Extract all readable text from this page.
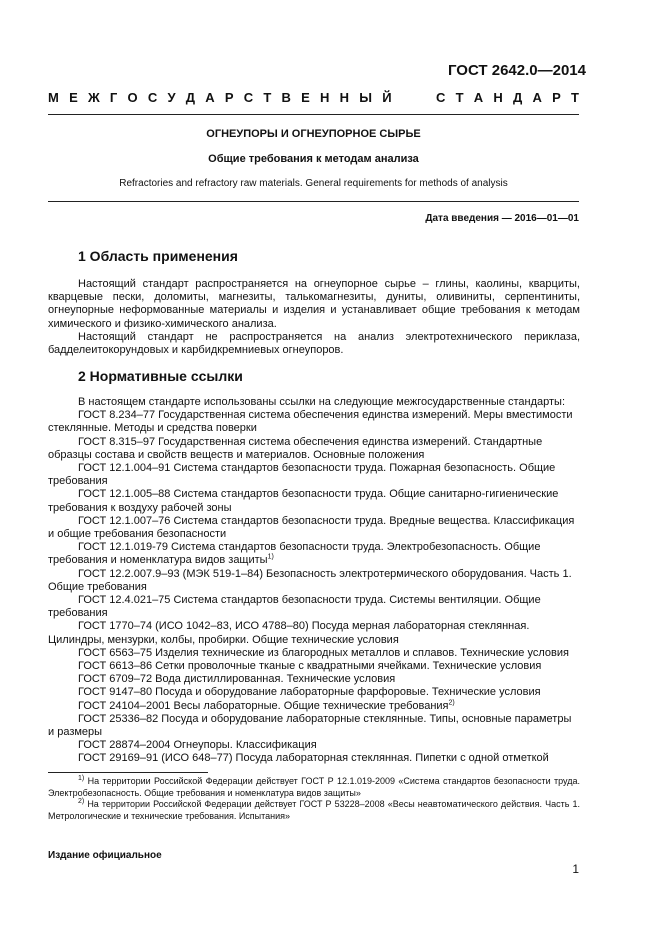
ГОСТ 2642.0—2014
М Е Ж Г О С У Д А Р С Т В Е Н Н Ы Й	С Т А Н Д А Р Т
ОГНЕУПОРЫ И ОГНЕУПОРНОЕ СЫРЬЕ
Общие требования к методам анализа
Refractories and refractory raw materials. General requirements for methods of analysis
Дата введения — 2016—01—01
1 Область применения

Настоящий стандарт распространяется на огнеупорное сырье – глины, каолины, кварциты, кварцевые пески, доломиты, магнезиты, талькомагнезиты, дуниты, оливиниты, серпентиниты, огнеупорные неформованные материалы и изделия и устанавливает общие требования к методам химического и физико-химического анализа.

Настоящий стандарт не распространяется на анализ электротехнического периклаза, бадделеитокорундовых и карбидкремниевых огнеупоров.

2 Нормативные ссылки

В настоящем стандарте использованы ссылки на следующие межгосударственные стандарты:

ГОСТ 8.234–77 Государственная система обеспечения единства измерений. Меры вместимости стеклянные. Методы и средства поверки

ГОСТ 8.315–97 Государственная система обеспечения единства измерений. Стандартные образцы состава и свойств веществ и материалов. Основные положения

ГОСТ 12.1.004–91 Система стандартов безопасности труда. Пожарная безопасность. Общие требования

ГОСТ 12.1.005–88 Система стандартов безопасности труда. Общие санитарно-гигиенические требования к воздуху рабочей зоны

ГОСТ 12.1.007–76 Система стандартов безопасности труда. Вредные вещества. Классификация и общие требования безопасности

ГОСТ 12.1.019-79 Система стандартов безопасности труда. Электробезопасность. Общие требования и номенклатура видов защиты$^{1)}$

ГОСТ 12.2.007.9–93 (МЭК 519-1–84) Безопасность электротермического оборудования. Часть 1. Общие требования

ГОСТ 12.4.021–75 Система стандартов безопасности труда. Системы вентиляции. Общие требования

ГОСТ 1770–74 (ИСО 1042–83, ИСО 4788–80) Посуда мерная лабораторная стеклянная. Цилиндры, мензурки, колбы, пробирки. Общие технические условия

ГОСТ 6563–75 Изделия технические из благородных металлов и сплавов. Технические условия

ГОСТ 6613–86 Сетки проволочные тканые с квадратными ячейками. Технические условия

ГОСТ 6709–72 Вода дистиллированная. Технические условия

ГОСТ 9147–80 Посуда и оборудование лабораторные фарфоровые. Технические условия

ГОСТ 24104–2001 Весы лабораторные. Общие технические требования$^{2)}$

ГОСТ 25336–82 Посуда и оборудование лабораторные стеклянные. Типы, основные параметры и размеры

ГОСТ 28874–2004 Огнеупоры. Классификация

ГОСТ 29169–91 (ИСО 648–77) Посуда лабораторная стеклянная. Пипетки с одной отметкой

$^{1)}$ На территории Российской Федерации действует ГОСТ Р 12.1.019-2009 «Система стандартов безопасности труда. Электробезопасность. Общие требования и номенклатура видов защиты»

$^{2)}$ На территории Российской Федерации действует ГОСТ Р 53228–2008 «Весы неавтоматического действия. Часть 1. Метрологические и технические требования. Испытания»

Издание официальное
1
